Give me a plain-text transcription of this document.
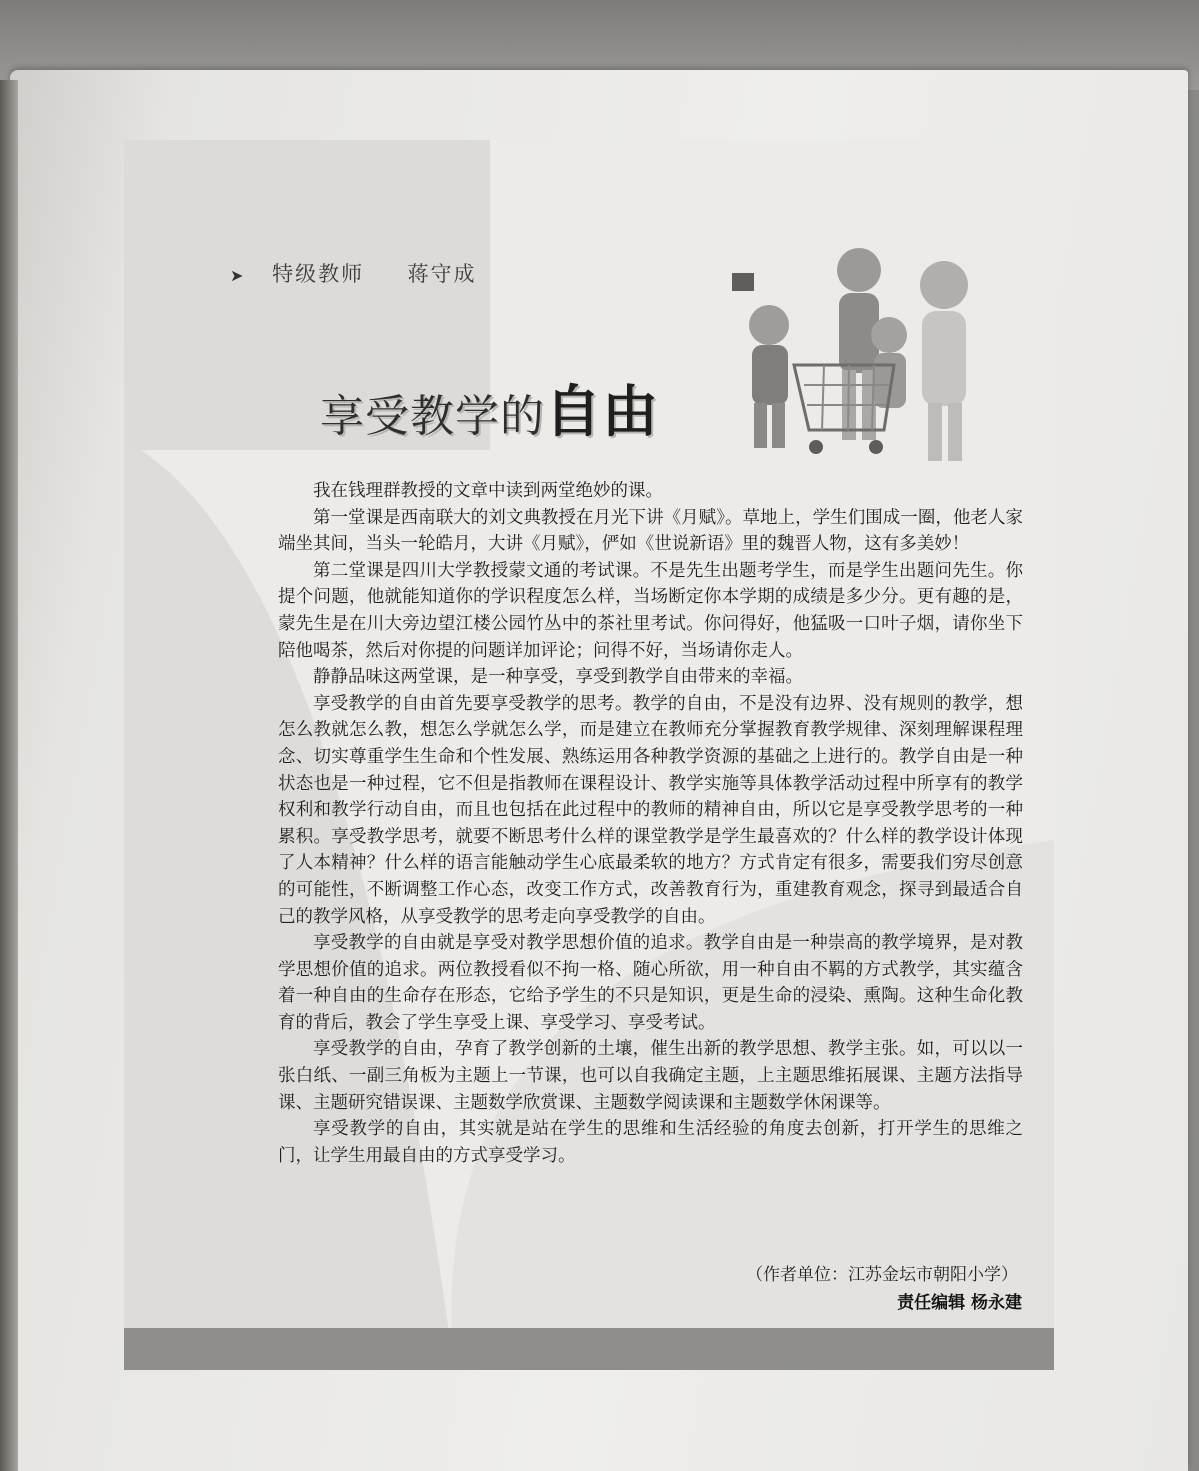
➤ 特级教师 蒋守成
享受教学的自由

我在钱理群教授的文章中读到两堂绝妙的课。

第一堂课是西南联大的刘文典教授在月光下讲《月赋》。草地上，学生们围成一圈，他老人家端坐其间，当头一轮皓月，大讲《月赋》，俨如《世说新语》里的魏晋人物，这有多美妙！

第二堂课是四川大学教授蒙文通的考试课。不是先生出题考学生，而是学生出题问先生。你提个问题，他就能知道你的学识程度怎么样，当场断定你本学期的成绩是多少分。更有趣的是，蒙先生是在川大旁边望江楼公园竹丛中的茶社里考试。你问得好，他猛吸一口叶子烟，请你坐下陪他喝茶，然后对你提的问题详加评论；问得不好，当场请你走人。

静静品味这两堂课，是一种享受，享受到教学自由带来的幸福。

享受教学的自由首先要享受教学的思考。教学的自由，不是没有边界、没有规则的教学，想怎么教就怎么教，想怎么学就怎么学，而是建立在教师充分掌握教育教学规律、深刻理解课程理念、切实尊重学生生命和个性发展、熟练运用各种教学资源的基础之上进行的。教学自由是一种状态也是一种过程，它不但是指教师在课程设计、教学实施等具体教学活动过程中所享有的教学权利和教学行动自由，而且也包括在此过程中的教师的精神自由，所以它是享受教学思考的一种累积。享受教学思考，就要不断思考什么样的课堂教学是学生最喜欢的？什么样的教学设计体现了人本精神？什么样的语言能触动学生心底最柔软的地方？方式肯定有很多，需要我们穷尽创意的可能性，不断调整工作心态，改变工作方式，改善教育行为，重建教育观念，探寻到最适合自己的教学风格，从享受教学的思考走向享受教学的自由。

享受教学的自由就是享受对教学思想价值的追求。教学自由是一种崇高的教学境界，是对教学思想价值的追求。两位教授看似不拘一格、随心所欲，用一种自由不羁的方式教学，其实蕴含着一种自由的生命存在形态，它给予学生的不只是知识，更是生命的浸染、熏陶。这种生命化教育的背后，教会了学生享受上课、享受学习、享受考试。

享受教学的自由，孕育了教学创新的土壤，催生出新的教学思想、教学主张。如，可以以一张白纸、一副三角板为主题上一节课，也可以自我确定主题，上主题思维拓展课、主题方法指导课、主题研究错误课、主题数学欣赏课、主题数学阅读课和主题数学休闲课等。

享受教学的自由，其实就是站在学生的思维和生活经验的角度去创新，打开学生的思维之门，让学生用最自由的方式享受学习。

（作者单位：江苏金坛市朝阳小学）
责任编辑 杨永建
